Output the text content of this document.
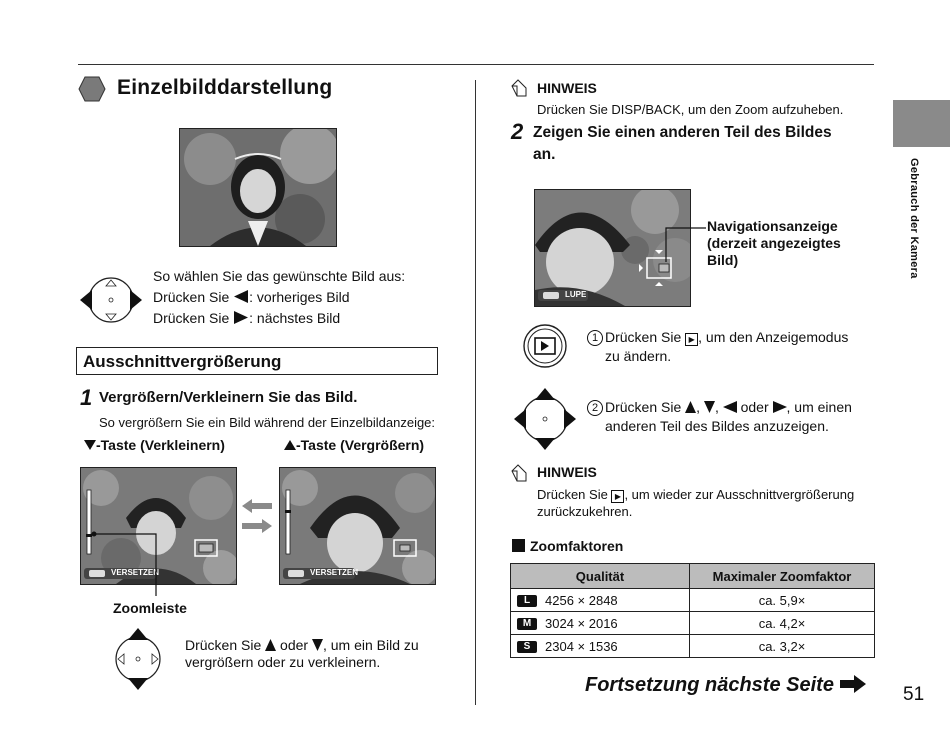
Einzelbilddarstellung
So wählen Sie das gewünschte Bild aus:
Drücken Sie : vorheriges Bild
Drücken Sie : nächstes Bild
Ausschnittvergrößerung
1 Vergrößern/Verkleinern Sie das Bild.
So vergrößern Sie ein Bild während der Einzelbildanzeige:
-Taste (Verkleinern)	-Taste (Vergrößern)
VERSETZEN	VERSETZEN
Zoomleiste
Drücken Sie oder , um ein Bild zu
vergrößern oder zu verkleinern.
HINWEIS
Drücken Sie DISP/BACK, um den Zoom aufzuheben.
2 Zeigen Sie einen anderen Teil des Bildes
an.
LUPE
Navigationsanzeige
(derzeit angezeigtes
Bild)
1 Drücken Sie ▶ , um den Anzeigemodus
zu ändern.
2 Drücken Sie , ,  oder , um einen
anderen Teil des Bildes anzuzeigen.
HINWEIS
Drücken Sie ▶ , um wieder zur Ausschnittvergrößerung
zurückzukehren.
Zoomfaktoren
Qualität	Maximaler Zoomfaktor
L 4256 × 2848	ca. 5,9×
M 3024 × 2016	ca. 4,2×
S 2304 × 1536	ca. 3,2×
Gebrauch der Kamera
Fortsetzung nächste Seite	51
